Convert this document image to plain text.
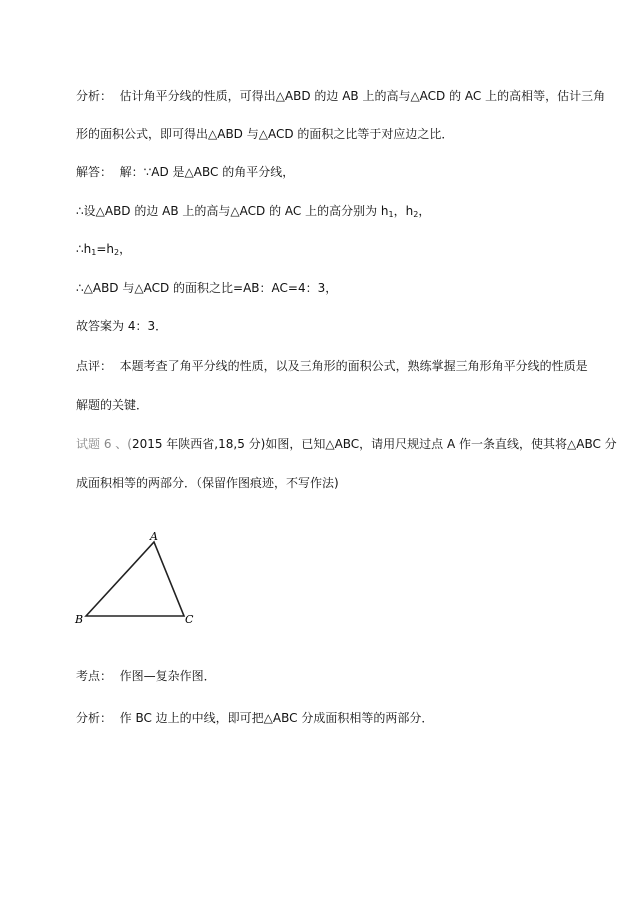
分析： 估计角平分线的性质，可得出△ABD 的边 AB 上的高与△ACD 的 AC 上的高相等，估计三角
形的面积公式，即可得出△ABD 与△ACD 的面积之比等于对应边之比．
解答： 解：∵AD 是△ABC 的角平分线，
∴设△ABD 的边 AB 上的高与△ACD 的 AC 上的高分别为 $h_1$，$h_2$，
$\therefore h_1=h_2$，
∴△ABD 与△ACD 的面积之比=AB：AC=4：3，
故答案为 4：3．
点评： 本题考查了角平分线的性质，以及三角形的面积公式，熟练掌握三角形角平分线的性质是
解题的关键．
试题 6 、(2015 年陕西省,18,5 分)如图，已知△ABC，请用尺规过点 A 作一条直线，使其将△ABC 分
成面积相等的两部分．（保留作图痕迹，不写作法)
A
B	C
考点： 作图—复杂作图．
分析： 作 BC 边上的中线，即可把△ABC 分成面积相等的两部分．
